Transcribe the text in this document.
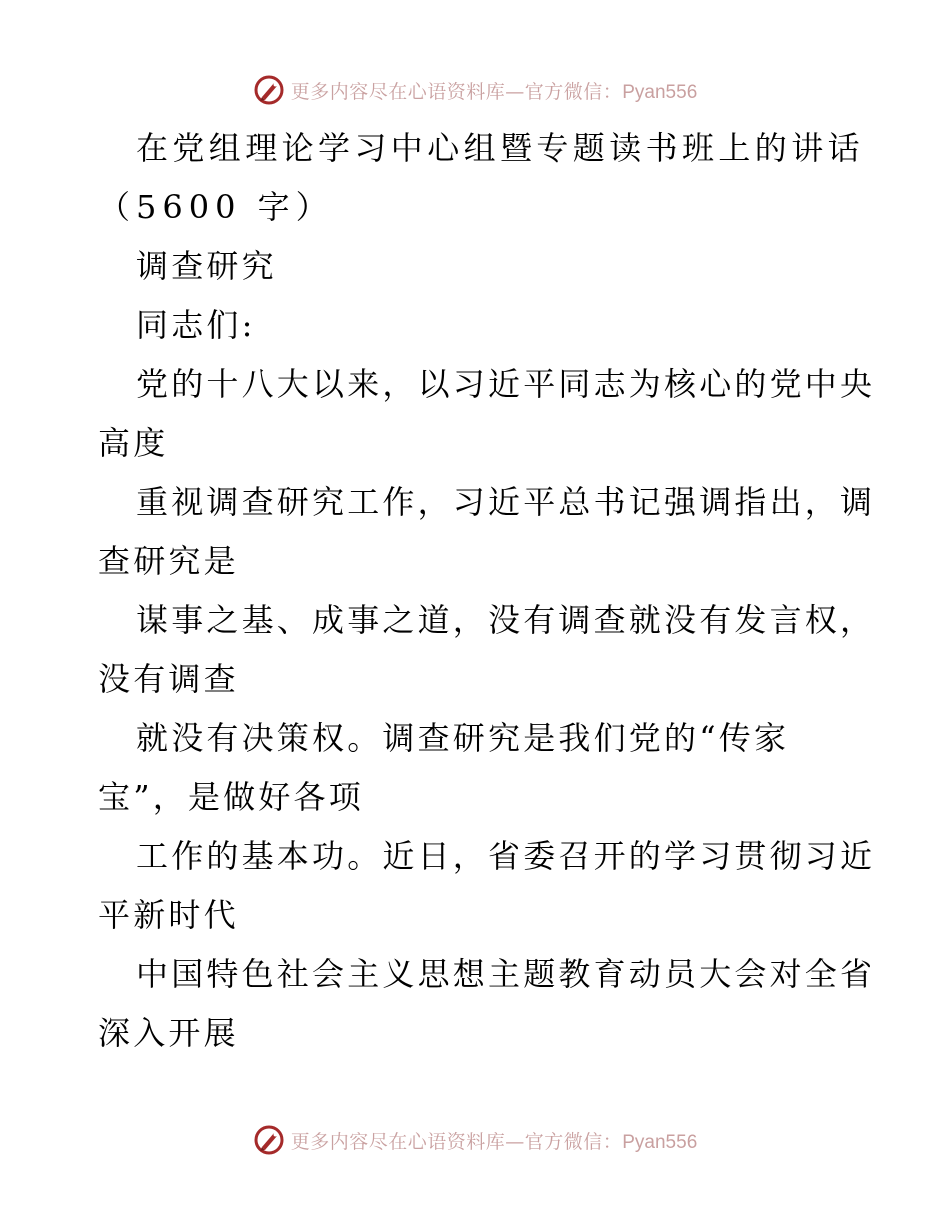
更多内容尽在心语资料库—官方微信：Pyan556
在党组理论学习中心组暨专题读书班上的讲话
（5600 字）
调查研究
同志们:
党的十八大以来，以习近平同志为核心的党中央
高度
重视调查研究工作，习近平总书记强调指出，调
查研究是
谋事之基、成事之道，没有调查就没有发言权，
没有调查
就没有决策权。调查研究是我们党的“传家
宝”，是做好各项
工作的基本功。近日，省委召开的学习贯彻习近
平新时代
中国特色社会主义思想主题教育动员大会对全省
深入开展
更多内容尽在心语资料库—官方微信：Pyan556
